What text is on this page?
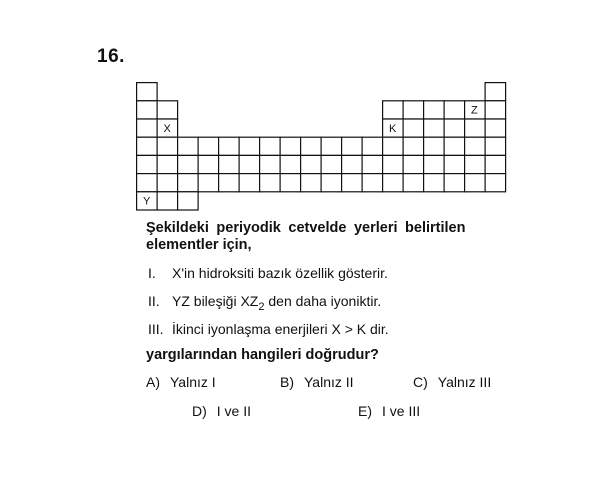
16.
X	K
Z
Y
Şekildeki periyodik cetvelde yerleri belirtilen
elementler için,
I. X'in hidroksiti bazık özellik gösterir.
II. YZ bileşiği $XZ_2$ den daha iyoniktir.
III. İkinci iyonlaşma enerjileri X > K dir.
yargılarından hangileri doğrudur?
A) Yalnız I	B) Yalnız II	C) Yalnız III
D) I ve II	E) I ve III
